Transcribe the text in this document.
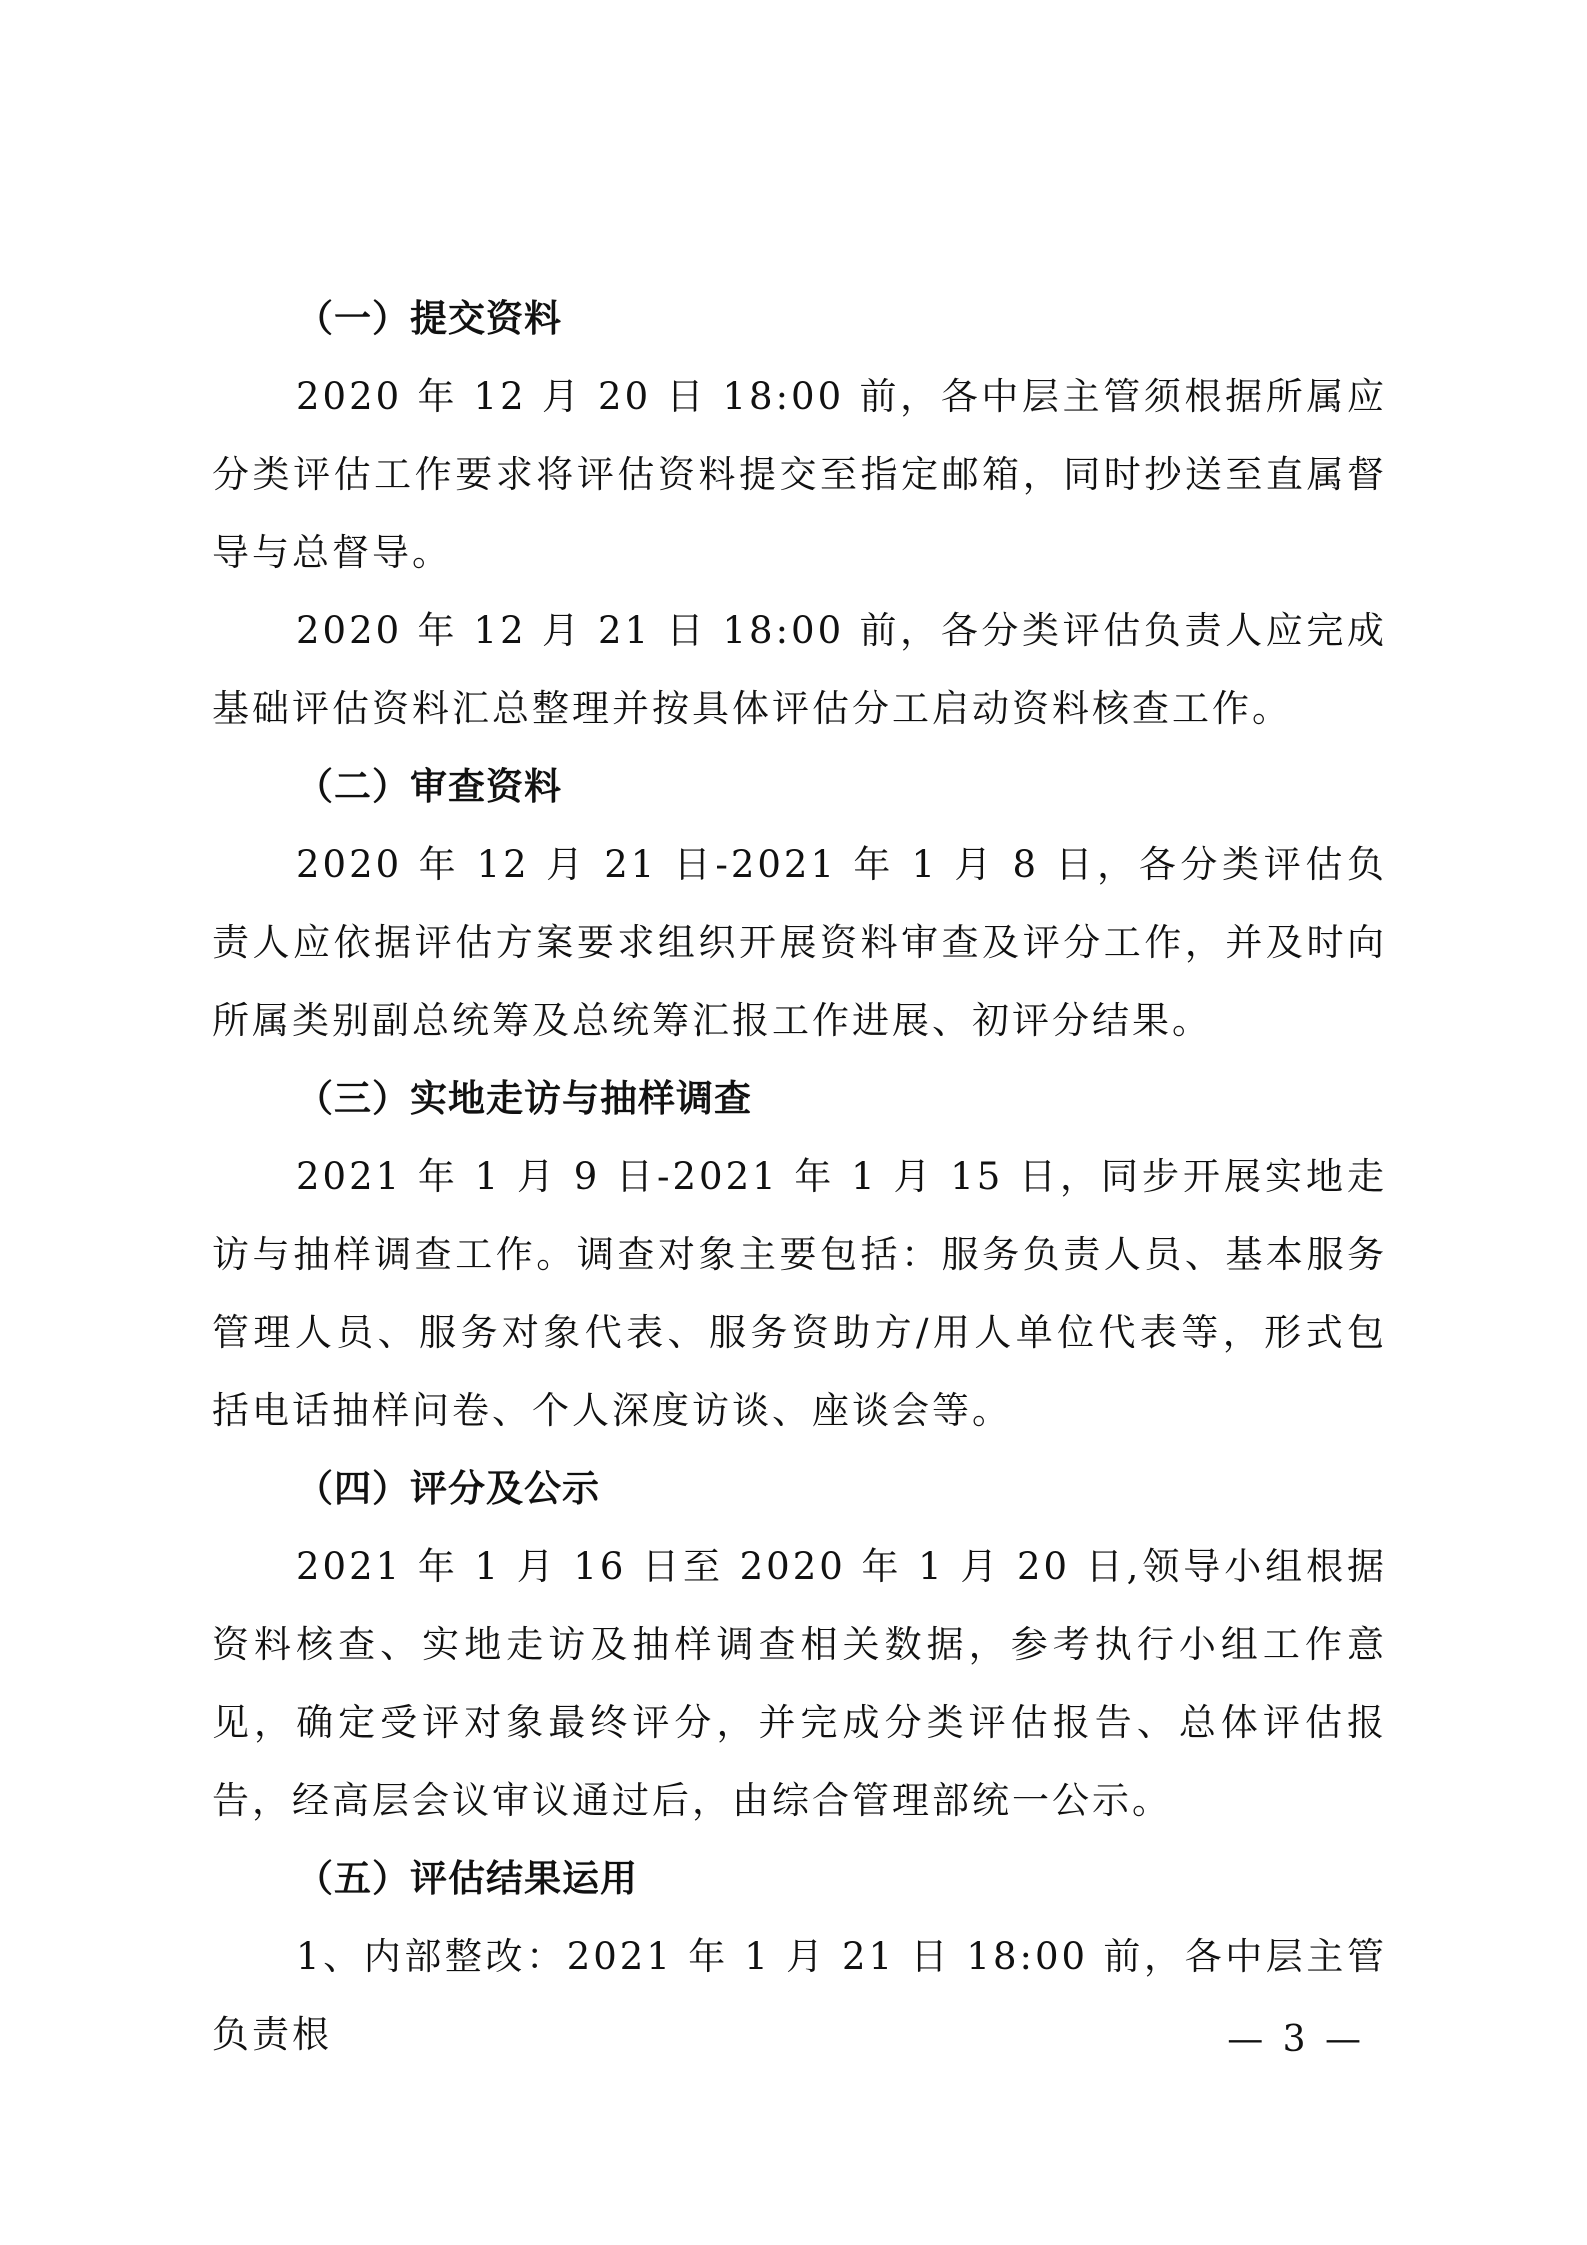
（一）提交资料

2020 年 12 月 20 日 18:00 前，各中层主管须根据所属应分类评估工作要求将评估资料提交至指定邮箱，同时抄送至直属督导与总督导。

2020 年 12 月 21 日 18:00 前，各分类评估负责人应完成基础评估资料汇总整理并按具体评估分工启动资料核查工作。

（二）审查资料

2020 年 12 月 21 日-2021 年 1 月 8 日，各分类评估负责人应依据评估方案要求组织开展资料审查及评分工作，并及时向所属类别副总统筹及总统筹汇报工作进展、初评分结果。

（三）实地走访与抽样调查

2021 年 1 月 9 日-2021 年 1 月 15 日，同步开展实地走访与抽样调查工作。调查对象主要包括：服务负责人员、基本服务管理人员、服务对象代表、服务资助方/用人单位代表等，形式包括电话抽样问卷、个人深度访谈、座谈会等。

（四）评分及公示

2021 年 1 月 16 日至 2020 年 1 月 20 日,领导小组根据资料核查、实地走访及抽样调查相关数据，参考执行小组工作意见，确定受评对象最终评分，并完成分类评估报告、总体评估报告，经高层会议审议通过后，由综合管理部统一公示。

（五）评估结果运用

1、内部整改：2021 年 1 月 21 日 18:00 前，各中层主管负责根	— 3 —
